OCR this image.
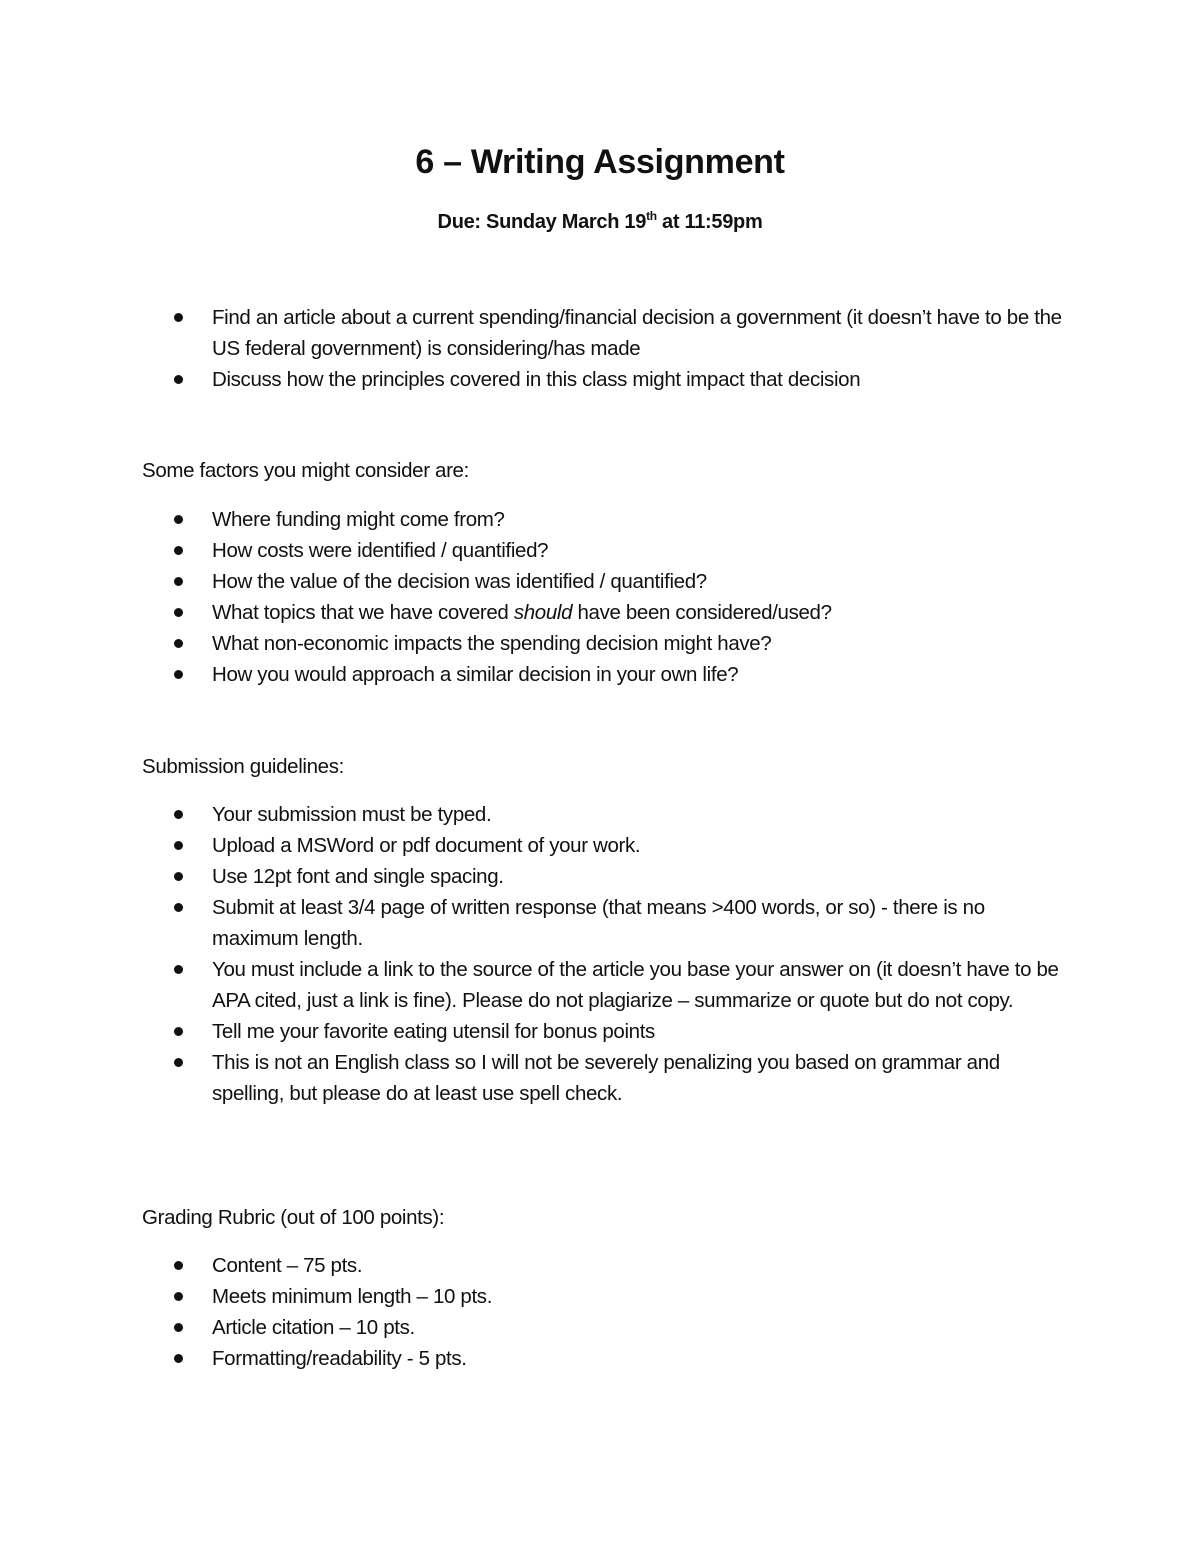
6 – Writing Assignment
Due: Sunday March 19th at 11:59pm
Find an article about a current spending/financial decision a government (it doesn’t have to be the US federal government) is considering/has made
Discuss how the principles covered in this class might impact that decision
Some factors you might consider are:
Where funding might come from?
How costs were identified / quantified?
How the value of the decision was identified / quantified?
What topics that we have covered should have been considered/used?
What non-economic impacts the spending decision might have?
How you would approach a similar decision in your own life?
Submission guidelines:
Your submission must be typed.
Upload a MSWord or pdf document of your work.
Use 12pt font and single spacing.
Submit at least 3/4 page of written response (that means >400 words, or so) - there is no maximum length.
You must include a link to the source of the article you base your answer on (it doesn’t have to be APA cited, just a link is fine). Please do not plagiarize – summarize or quote but do not copy.
Tell me your favorite eating utensil for bonus points
This is not an English class so I will not be severely penalizing you based on grammar and spelling, but please do at least use spell check.
Grading Rubric (out of 100 points):
Content – 75 pts.
Meets minimum length – 10 pts.
Article citation – 10 pts.
Formatting/readability - 5 pts.
